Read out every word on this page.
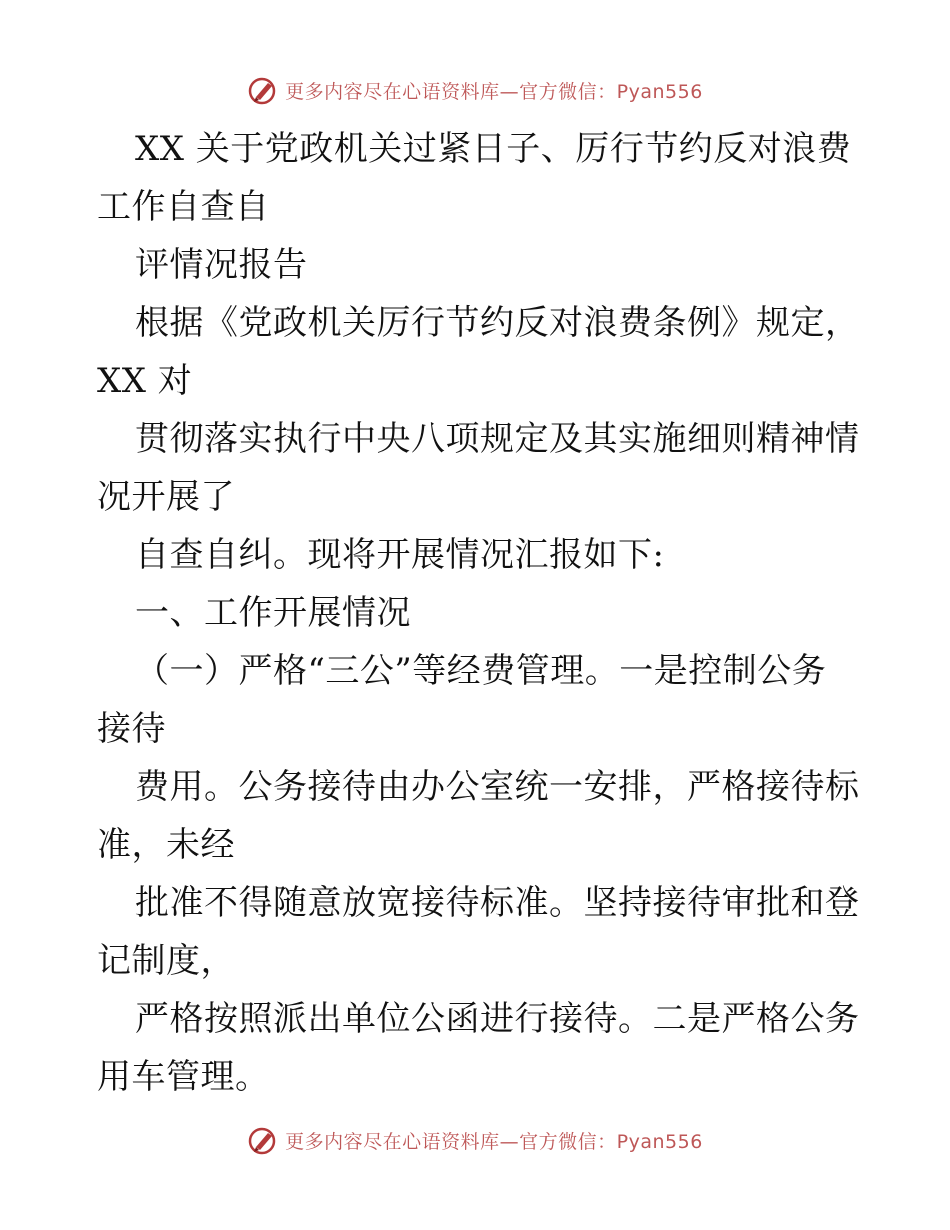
更多内容尽在心语资料库—官方微信：Pyan556
XX 关于党政机关过紧日子、厉行节约反对浪费
工作自查自
评情况报告
根据《党政机关厉行节约反对浪费条例》规定，
XX 对
贯彻落实执行中央八项规定及其实施细则精神情
况开展了
自查自纠。现将开展情况汇报如下:
一、工作开展情况
（一）严格“三公”等经费管理。一是控制公务
接待
费用。公务接待由办公室统一安排，严格接待标
准，未经
批准不得随意放宽接待标准。坚持接待审批和登
记制度，
严格按照派出单位公函进行接待。二是严格公务
用车管理。
更多内容尽在心语资料库—官方微信：Pyan556
